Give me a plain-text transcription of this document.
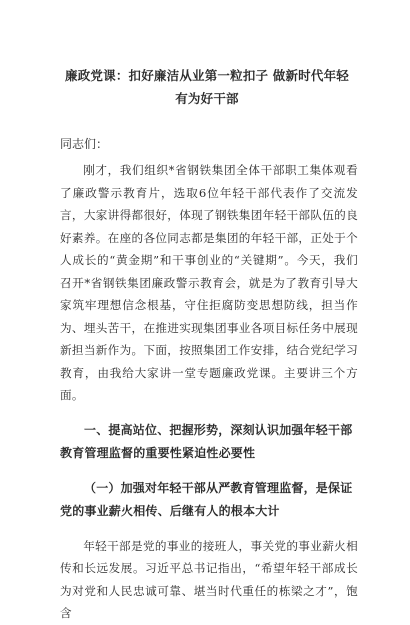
廉政党课：扣好廉洁从业第一粒扣子 做新时代年轻有为好干部
同志们：

刚才，我们组织*省钢铁集团全体干部职工集体观看了廉政警示教育片，选取6位年轻干部代表作了交流发言，大家讲得都很好，体现了钢铁集团年轻干部队伍的良好素养。在座的各位同志都是集团的年轻干部，正处于个人成长的“黄金期”和干事创业的“关键期”。今天，我们召开*省钢铁集团廉政警示教育会，就是为了教育引导大家筑牢理想信念根基，守住拒腐防变思想防线，担当作为、埋头苦干，在推进实现集团事业各项目标任务中展现新担当新作为。下面，按照集团工作安排，结合党纪学习教育，由我给大家讲一堂专题廉政党课。主要讲三个方面。

一、提高站位、把握形势，深刻认识加强年轻干部教育管理监督的重要性紧迫性必要性
（一）加强对年轻干部从严教育管理监督，是保证党的事业薪火相传、后继有人的根本大计

年轻干部是党的事业的接班人，事关党的事业薪火相传和长远发展。习近平总书记指出，“希望年轻干部成长为对党和人民忠诚可靠、堪当时代重任的栋梁之才”，饱含
